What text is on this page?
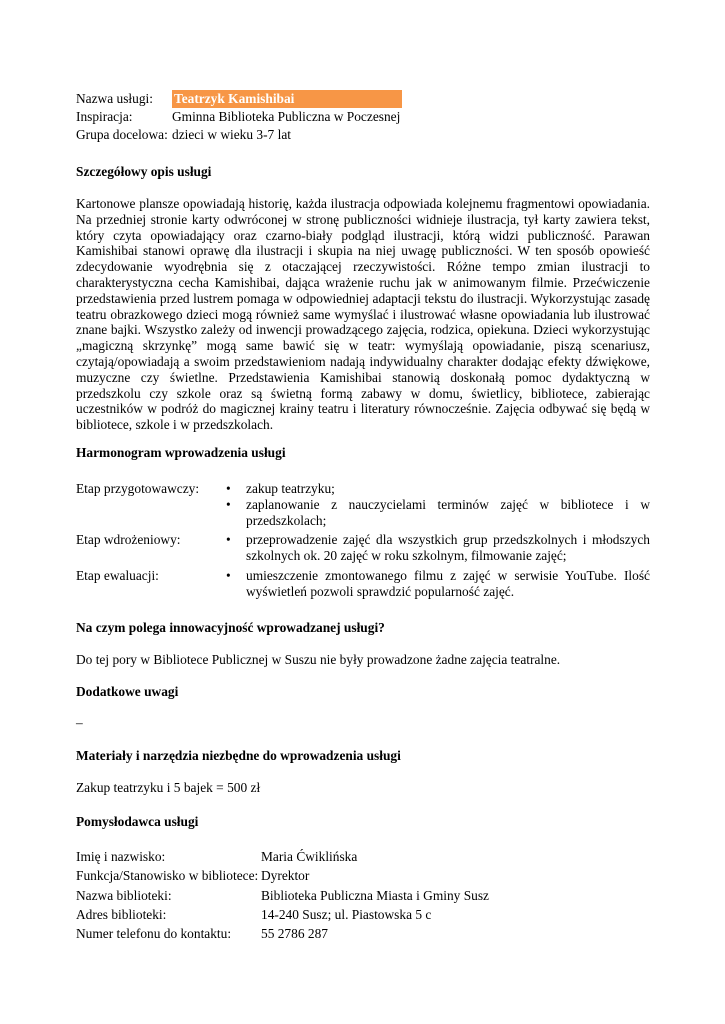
Nazwa usługi:	Teatrzyk Kamishibai
Inspiracja:	Gminna Biblioteka Publiczna w Poczesnej
Grupa docelowa: dzieci w wieku 3-7 lat
Szczegółowy opis usługi
Kartonowe plansze opowiadają historię, każda ilustracja odpowiada kolejnemu fragmentowi opowiadania. Na przedniej stronie karty odwróconej w stronę publiczności widnieje ilustracja, tył karty zawiera tekst, który czyta opowiadający oraz czarno-biały podgląd ilustracji, którą widzi publiczność. Parawan Kamishibai stanowi oprawę dla ilustracji i skupia na niej uwagę publiczności. W ten sposób opowieść zdecydowanie wyodrębnia się z otaczającej rzeczywistości. Różne tempo zmian ilustracji to charakterystyczna cecha Kamishibai, dająca wrażenie ruchu jak w animowanym filmie. Przećwiczenie przedstawienia przed lustrem pomaga w odpowiedniej adaptacji tekstu do ilustracji. Wykorzystując zasadę teatru obrazkowego dzieci mogą również same wymyślać i ilustrować własne opowiadania lub ilustrować znane bajki. Wszystko zależy od inwencji prowadzącego zajęcia, rodzica, opiekuna. Dzieci wykorzystując „magiczną skrzynkę” mogą same bawić się w teatr: wymyślają opowiadanie, piszą scenariusz, czytają/opowiadają a swoim przedstawieniom nadają indywidualny charakter dodając efekty dźwiękowe, muzyczne czy świetlne. Przedstawienia Kamishibai stanowią doskonałą pomoc dydaktyczną w przedszkolu czy szkole oraz są świetną formą zabawy w domu, świetlicy, bibliotece, zabierając uczestników w podróż do magicznej krainy teatru i literatury równocześnie. Zajęcia odbywać się będą w bibliotece, szkole i w przedszkolach.
Harmonogram wprowadzenia usługi
Etap przygotowawczy:	•	zakup teatrzyku;
•	zaplanowanie z nauczycielami terminów zajęć w bibliotece i w przedszkolach;
Etap wdrożeniowy:	•	przeprowadzenie zajęć dla wszystkich grup przedszkolnych i młodszych szkolnych ok. 20 zajęć w roku szkolnym, filmowanie zajęć;
Etap ewaluacji:	•	umieszczenie zmontowanego filmu z zajęć w serwisie YouTube. Ilość wyświetleń pozwoli sprawdzić popularność zajęć.
Na czym polega innowacyjność wprowadzanej usługi?
Do tej pory w Bibliotece Publicznej w Suszu nie były prowadzone żadne zajęcia teatralne.
Dodatkowe uwagi
–
Materiały i narzędzia niezbędne do wprowadzenia usługi
Zakup teatrzyku i 5 bajek = 500 zł
Pomysłodawca usługi
Imię i nazwisko:	Maria Ćwiklińska
Funkcja/Stanowisko w bibliotece: Dyrektor
Nazwa biblioteki:	Biblioteka Publiczna Miasta i Gminy Susz
Adres biblioteki:	14-240 Susz; ul. Piastowska 5 c
Numer telefonu do kontaktu:	55 2786 287
